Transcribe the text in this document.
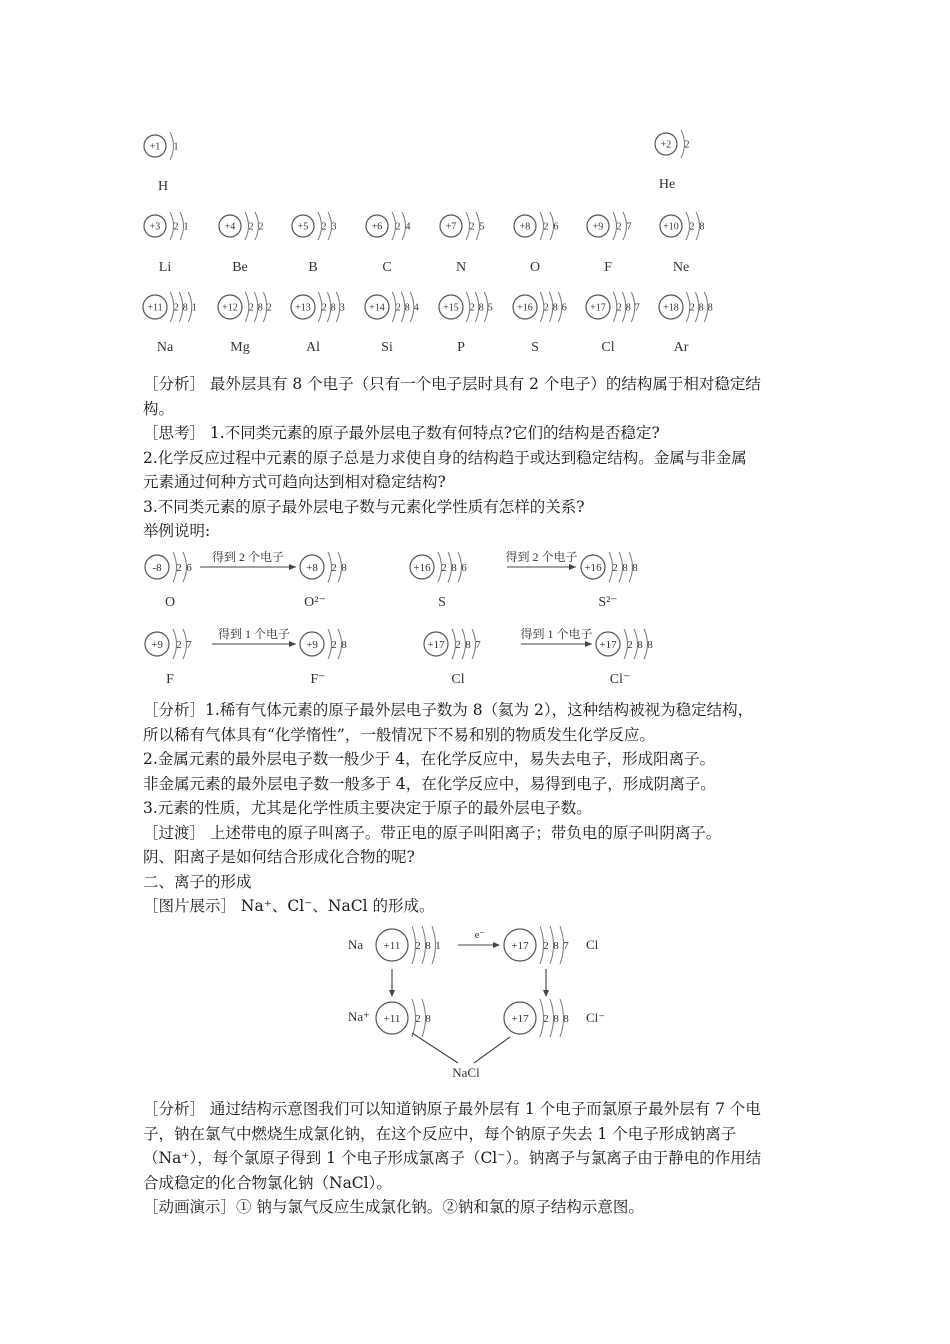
+1 1
H
+2 2
He
+3 2 1
Li
+4 2 2
Be
+5 2 3
B
+6 2 4
C
+7 2 5
N
+8 2 6
O
+9 2 7
F
+10 2 8
Ne
+11 2 8 1
Na
+12 2 8 2
Mg
+13 2 8 3
Al
+14 2 8 4
Si
+15 2 8 5
P
+16 2 8 6
S
+17 2 8 7
Cl
+18 2 8 8
Ar
［分析］ 最外层具有 8 个电子（只有一个电子层时具有 2 个电子）的结构属于相对稳定结
构。
［思考］ 1.不同类元素的原子最外层电子数有何特点?它们的结构是否稳定?
2.化学反应过程中元素的原子总是力求使自身的结构趋于或达到稳定结构。金属与非金属
元素通过何种方式可趋向达到相对稳定结构?
3.不同类元素的原子最外层电子数与元素化学性质有怎样的关系?
举例说明:
-8 2 6	+8 2 8
得到 2 个电子
O	O²⁻
+16 2 8 6	+16 2 8 8
得到 2 个电子
S	S²⁻
+9 2 7	+9 2 8
得到 1 个电子
F	F⁻
+17 2 8 7	+17 2 8 8
得到 1 个电子
Cl	Cl⁻
［分析］1.稀有气体元素的原子最外层电子数为 8（氦为 2），这种结构被视为稳定结构，
所以稀有气体具有“化学惰性”，一般情况下不易和别的物质发生化学反应。
2.金属元素的最外层电子数一般少于 4，在化学反应中，易失去电子，形成阳离子。
非金属元素的最外层电子数一般多于 4，在化学反应中，易得到电子，形成阴离子。
3.元素的性质，尤其是化学性质主要决定于原子的最外层电子数。
［过渡］ 上述带电的原子叫离子。带正电的原子叫阳离子；带负电的原子叫阴离子。
阴、阳离子是如何结合形成化合物的呢?
二、离子的形成
［图片展示］ Na⁺、Cl⁻、NaCl 的形成。
Na +11 2 8 1
e⁻
+17 2 8 7 Cl
Na⁺ +11 2 8	+17 2 8 8 Cl⁻
NaCl
［分析］ 通过结构示意图我们可以知道钠原子最外层有 1 个电子而氯原子最外层有 7 个电
子，钠在氯气中燃烧生成氯化钠，在这个反应中，每个钠原子失去 1 个电子形成钠离子
（Na⁺），每个氯原子得到 1 个电子形成氯离子（Cl⁻）。钠离子与氯离子由于静电的作用结
合成稳定的化合物氯化钠（NaCl）。
［动画演示］① 钠与氯气反应生成氯化钠。②钠和氯的原子结构示意图。
